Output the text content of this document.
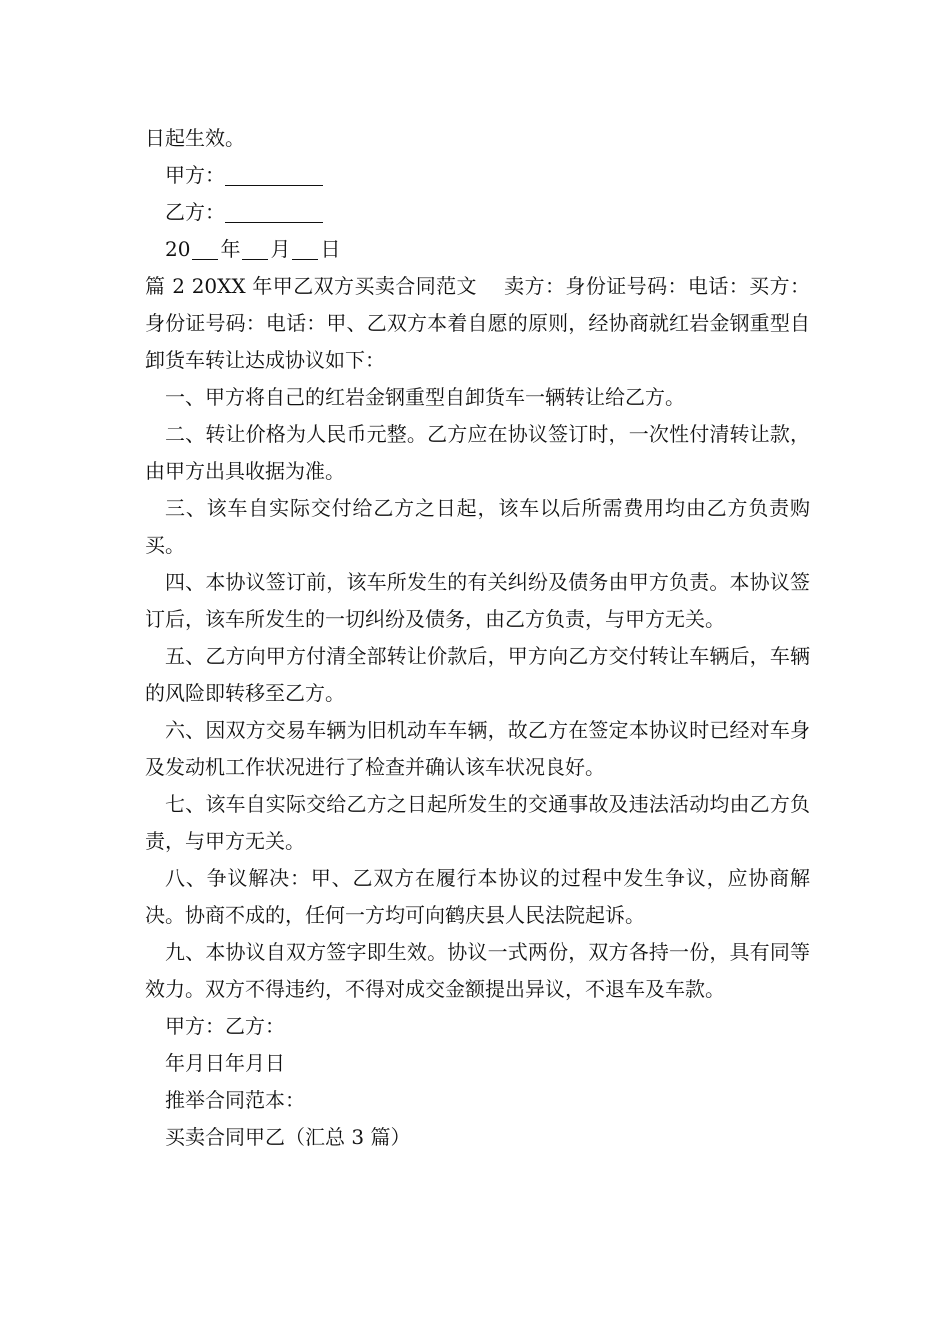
日起生效。

甲方：

乙方：

20 年 月 日

篇 2 20XX 年甲乙双方买卖合同范文　 卖方：身份证号码：电话：买方：身份证号码：电话：甲、乙双方本着自愿的原则，经协商就红岩金钢重型自卸货车转让达成协议如下：

一、甲方将自己的红岩金钢重型自卸货车一辆转让给乙方。

二、转让价格为人民币元整。乙方应在协议签订时，一次性付清转让款，由甲方出具收据为准。

三、该车自实际交付给乙方之日起，该车以后所需费用均由乙方负责购买。

四、本协议签订前，该车所发生的有关纠纷及债务由甲方负责。本协议签订后，该车所发生的一切纠纷及债务，由乙方负责，与甲方无关。

五、乙方向甲方付清全部转让价款后，甲方向乙方交付转让车辆后，车辆的风险即转移至乙方。

六、因双方交易车辆为旧机动车车辆，故乙方在签定本协议时已经对车身及发动机工作状况进行了检查并确认该车状况良好。

七、该车自实际交给乙方之日起所发生的交通事故及违法活动均由乙方负责，与甲方无关。

八、争议解决：甲、乙双方在履行本协议的过程中发生争议，应协商解决。协商不成的，任何一方均可向鹤庆县人民法院起诉。

九、本协议自双方签字即生效。协议一式两份，双方各持一份，具有同等效力。双方不得违约，不得对成交金额提出异议，不退车及车款。

甲方：乙方：

年月日年月日

推举合同范本：

买卖合同甲乙（汇总 3 篇）
